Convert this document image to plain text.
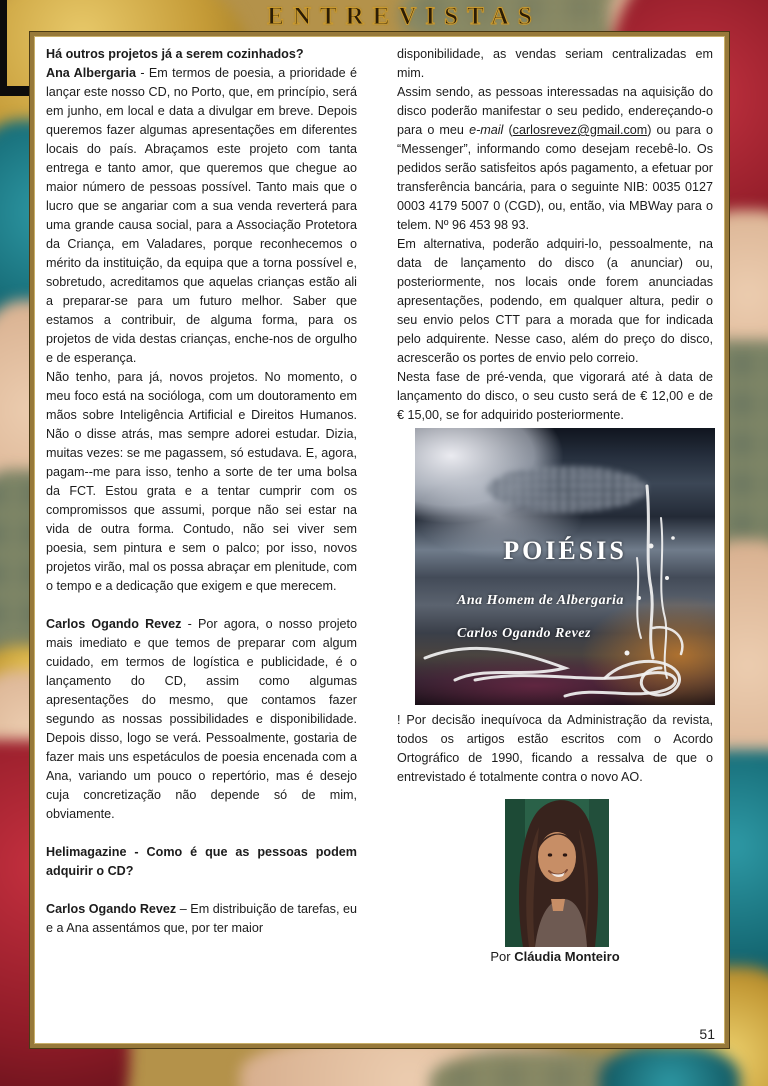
ENTREVISTAS

Há outros projetos já a serem cozinhados?

Ana Albergaria - Em termos de poesia, a prioridade é lançar este nosso CD, no Porto, que, em princípio, será em junho, em local e data a divulgar em breve. Depois queremos fazer algumas apresentações em diferentes locais do país. Abraçamos este projeto com tanta entrega e tanto amor, que queremos que chegue ao maior número de pessoas possível. Tanto mais que o lucro que se angariar com a sua venda reverterá para uma grande causa social, para a Associação Protetora da Criança, em Valadares, porque reconhecemos o mérito da instituição, da equipa que a torna possível e, sobretudo, acreditamos que aquelas crianças estão ali a preparar-se para um futuro melhor. Saber que estamos a contribuir, de alguma forma, para os projetos de vida destas crianças, enche-nos de orgulho e de esperança.

Não tenho, para já, novos projetos. No momento, o meu foco está na socióloga, com um doutoramento em mãos sobre Inteligência Artificial e Direitos Humanos. Não o disse atrás, mas sempre adorei estudar. Dizia, muitas vezes: se me pagassem, só estudava. E, agora, pagam--me para isso, tenho a sorte de ter uma bolsa da FCT. Estou grata e a tentar cumprir com os compromissos que assumi, porque não sei estar na vida de outra forma. Contudo, não sei viver sem poesia, sem pintura e sem o palco; por isso, novos projetos virão, mal os possa abraçar em plenitude, com o tempo e a dedicação que exigem e que merecem.

Carlos Ogando Revez - Por agora, o nosso projeto mais imediato e que temos de preparar com algum cuidado, em termos de logística e publicidade, é o lançamento do CD, assim como algumas apresentações do mesmo, que contamos fazer segundo as nossas possibilidades e disponibilidade. Depois disso, logo se verá. Pessoalmente, gostaria de fazer mais uns espetáculos de poesia encenada com a Ana, variando um pouco o repertório, mas é desejo cuja concretização não depende só de mim, obviamente.

Helimagazine - Como é que as pessoas podem adquirir o CD?

Carlos Ogando Revez – Em distribuição de tarefas, eu e a Ana assentámos que, por ter maior

disponibilidade, as vendas seriam centralizadas em mim.

Assim sendo, as pessoas interessadas na aquisição do disco poderão manifestar o seu pedido, endereçando-o para o meu e-mail (carlosrevez@gmail.com) ou para o “Messenger”, informando como desejam recebê-lo. Os pedidos serão satisfeitos após pagamento, a efetuar por transferência bancária, para o seguinte NIB: 0035 0127 0003 4179 5007 0 (CGD), ou, então, via MBWay para o telem. Nº 96 453 98 93.

Em alternativa, poderão adquiri-lo, pessoalmente, na data de lançamento do disco (a anunciar) ou, posteriormente, nos locais onde forem anunciadas apresentações, podendo, em qualquer altura, pedir o seu envio pelos CTT para a morada que for indicada pelo adquirente. Nesse caso, além do preço do disco, acrescerão os portes de envio pelo correio.

Nesta fase de pré-venda, que vigorará até à data de lançamento do disco, o seu custo será de € 12,00 e de € 15,00, se for adquirido posteriormente.

POIÉSIS
Ana Homem de Albergaria
Carlos Ogando Revez

! Por decisão inequívoca da Administração da revista, todos os artigos estão escritos com o Acordo Ortográfico de 1990, ficando a ressalva de que o entrevistado é totalmente contra o novo AO.

Por Cláudia Monteiro

51
